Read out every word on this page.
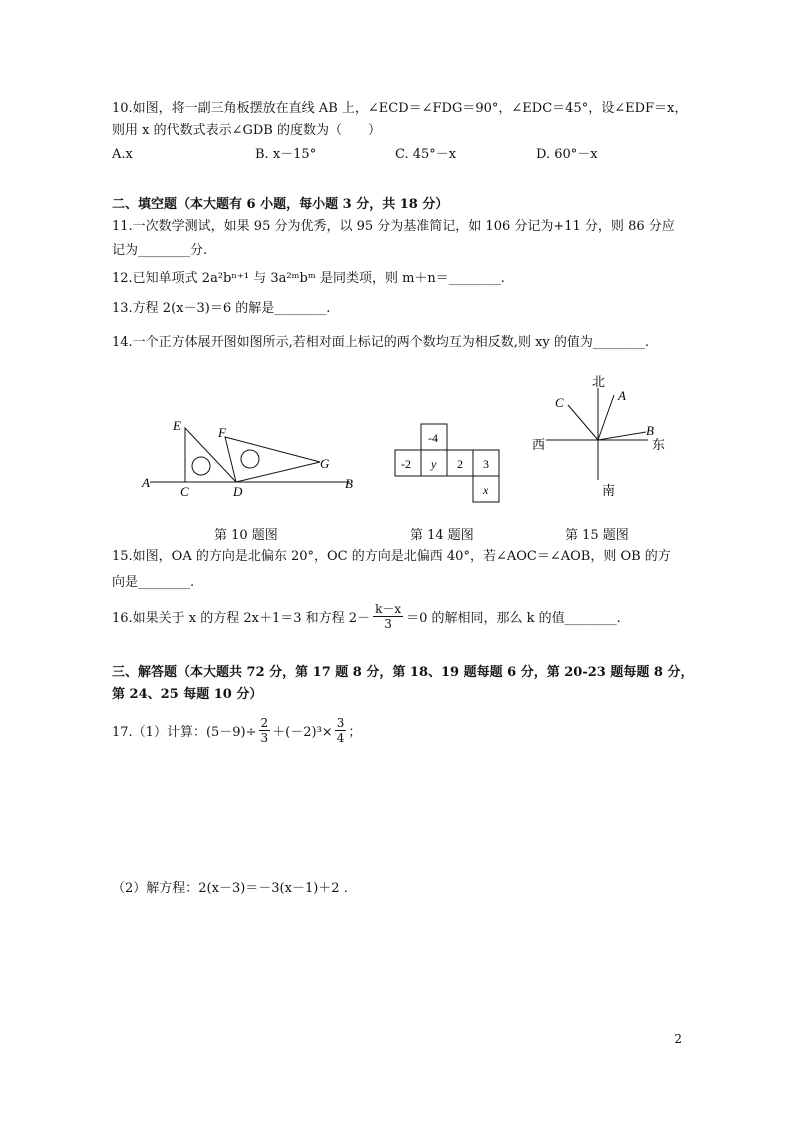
10.如图，将一副三角板摆放在直线 AB 上，∠ECD＝∠FDG＝90°，∠EDC＝45°，设∠EDF＝x，
则用 x 的代数式表示∠GDB 的度数为（　　）
A.x	B. x－15°	C. 45°－x	D. 60°－x
二、填空题（本大题有 6 小题，每小题 3 分，共 18 分）
11.一次数学测试，如果 95 分为优秀，以 95 分为基准简记，如 106 分记为+11 分，则 86 分应
记为________分.
12.已知单项式 2a²bⁿ⁺¹ 与 3a²ᵐbᵐ 是同类项，则 m＋n＝________.
13.方程 2(x－3)＝6 的解是________.
14.一个正方体展开图如图所示,若相对面上标记的两个数均互为相反数,则 xy 的值为________.
E	F
G
A
C	D
B
-4
-2 y 2 3
x
北
A
C
B
西	东
南
第 10 题图	第 14 题图	第 15 题图
15.如图，OA 的方向是北偏东 20°，OC 的方向是北偏西 40°，若∠AOC＝∠AOB，则 OB 的方
向是________.
16.如果关于 x 的方程 2x＋1＝3 和方程 $2- \frac{k-x}{3} =0$ 的解相同，那么 k 的值________.
三、解答题（本大题共 72 分，第 17 题 8 分，第 18、19 题每题 6 分，第 20-23 题每题 8 分，
第 24、25 每题 10 分）
17.（1）计算：$(5-9)\div \frac{2}{3} +(-2)^3\times \frac{3}{4}$ ；
（2）解方程：2(x－3)＝－3(x－1)＋2 .
2
